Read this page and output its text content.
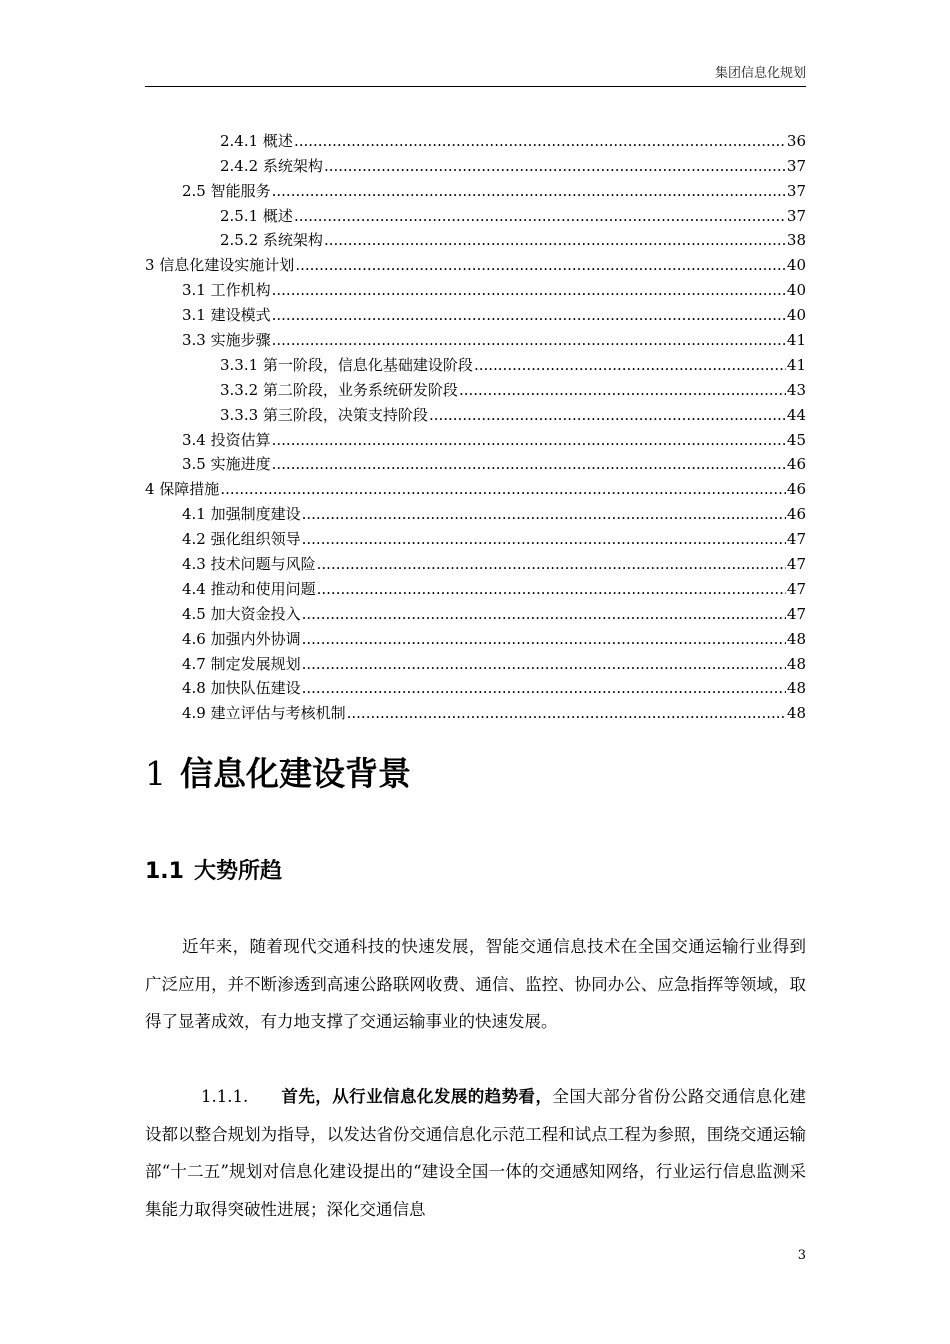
集团信息化规划
2.4.1 概述 .....	36
2.4.2 系统架构 .....	37
2.5 智能服务 .....	37
2.5.1 概述 .....	37
2.5.2 系统架构 .....	38
3 信息化建设实施计划 .....	40
3.1 工作机构 .....	40
3.1 建设模式 .....	40
3.3 实施步骤 .....	41
3.3.1 第一阶段，信息化基础建设阶段 .....	41
3.3.2 第二阶段，业务系统研发阶段 .....	43
3.3.3 第三阶段，决策支持阶段 .....	44
3.4 投资估算 .....	45
3.5 实施进度 .....	46
4 保障措施 .....	46
4.1 加强制度建设 .....	46
4.2 强化组织领导 .....	47
4.3 技术问题与风险 .....	47
4.4 推动和使用问题 .....	47
4.5 加大资金投入 .....	47
4.6 加强内外协调 .....	48
4.7 制定发展规划 .....	48
4.8 加快队伍建设 .....	48
4.9 建立评估与考核机制 .....	48
1 信息化建设背景
1.1 大势所趋
近年来，随着现代交通科技的快速发展，智能交通信息技术在全国交通运输行业得到广泛应用，并不断渗透到高速公路联网收费、通信、监控、协同办公、应急指挥等领域，取得了显著成效，有力地支撑了交通运输事业的快速发展。
1.1.1. 首先，从行业信息化发展的趋势看，全国大部分省份公路交通信息化建设都以整合规划为指导，以发达省份交通信息化示范工程和试点工程为参照，围绕交通运输部“十二五”规划对信息化建设提出的“建设全国一体的交通感知网络，行业运行信息监测采集能力取得突破性进展；深化交通信息
3
